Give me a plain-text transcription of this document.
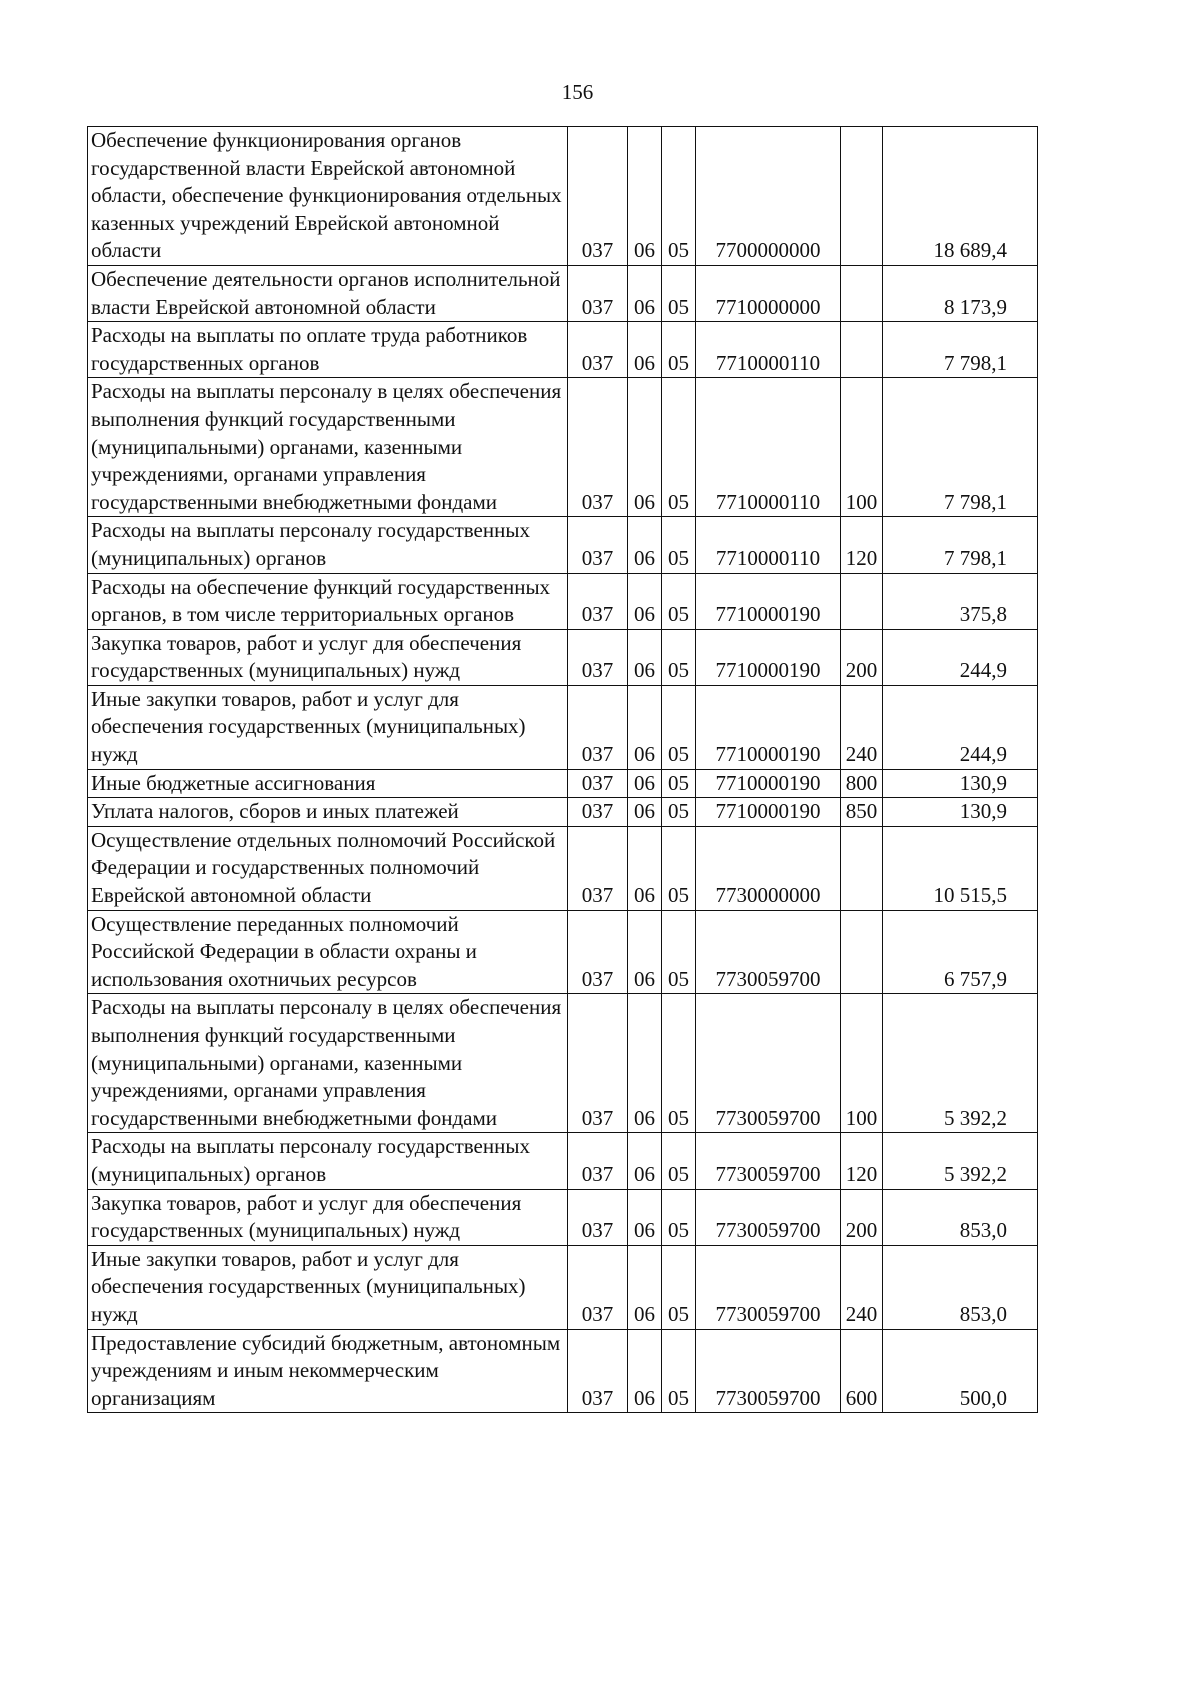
156
Обеспечение функционирования органов государственной власти Еврейской автономной области, обеспечение функционирования отдельных казенных учреждений Еврейской автономной области	037	06	05	7700000000		18 689,4
Обеспечение деятельности органов исполнительной власти Еврейской автономной области	037	06	05	7710000000		8 173,9
Расходы на выплаты по оплате труда работников государственных органов	037	06	05	7710000110		7 798,1
Расходы на выплаты персоналу в целях обеспечения выполнения функций государственными (муниципальными) органами, казенными учреждениями, органами управления государственными внебюджетными фондами	037	06	05	7710000110	100	7 798,1
Расходы на выплаты персоналу государственных (муниципальных) органов	037	06	05	7710000110	120	7 798,1
Расходы на обеспечение функций государственных органов, в том числе территориальных органов	037	06	05	7710000190		375,8
Закупка товаров, работ и услуг для обеспечения государственных (муниципальных) нужд	037	06	05	7710000190	200	244,9
Иные закупки товаров, работ и услуг для обеспечения государственных (муниципальных) нужд	037	06	05	7710000190	240	244,9
Иные бюджетные ассигнования	037	06	05	7710000190	800	130,9
Уплата налогов, сборов и иных платежей	037	06	05	7710000190	850	130,9
Осуществление отдельных полномочий Российской Федерации и государственных полномочий Еврейской автономной области	037	06	05	7730000000		10 515,5
Осуществление переданных полномочий Российской Федерации в области охраны и использования охотничьих ресурсов	037	06	05	7730059700		6 757,9
Расходы на выплаты персоналу в целях обеспечения выполнения функций государственными (муниципальными) органами, казенными учреждениями, органами управления государственными внебюджетными фондами	037	06	05	7730059700	100	5 392,2
Расходы на выплаты персоналу государственных (муниципальных) органов	037	06	05	7730059700	120	5 392,2
Закупка товаров, работ и услуг для обеспечения государственных (муниципальных) нужд	037	06	05	7730059700	200	853,0
Иные закупки товаров, работ и услуг для обеспечения государственных (муниципальных) нужд	037	06	05	7730059700	240	853,0
Предоставление субсидий бюджетным, автономным учреждениям и иным некоммерческим организациям	037	06	05	7730059700	600	500,0
